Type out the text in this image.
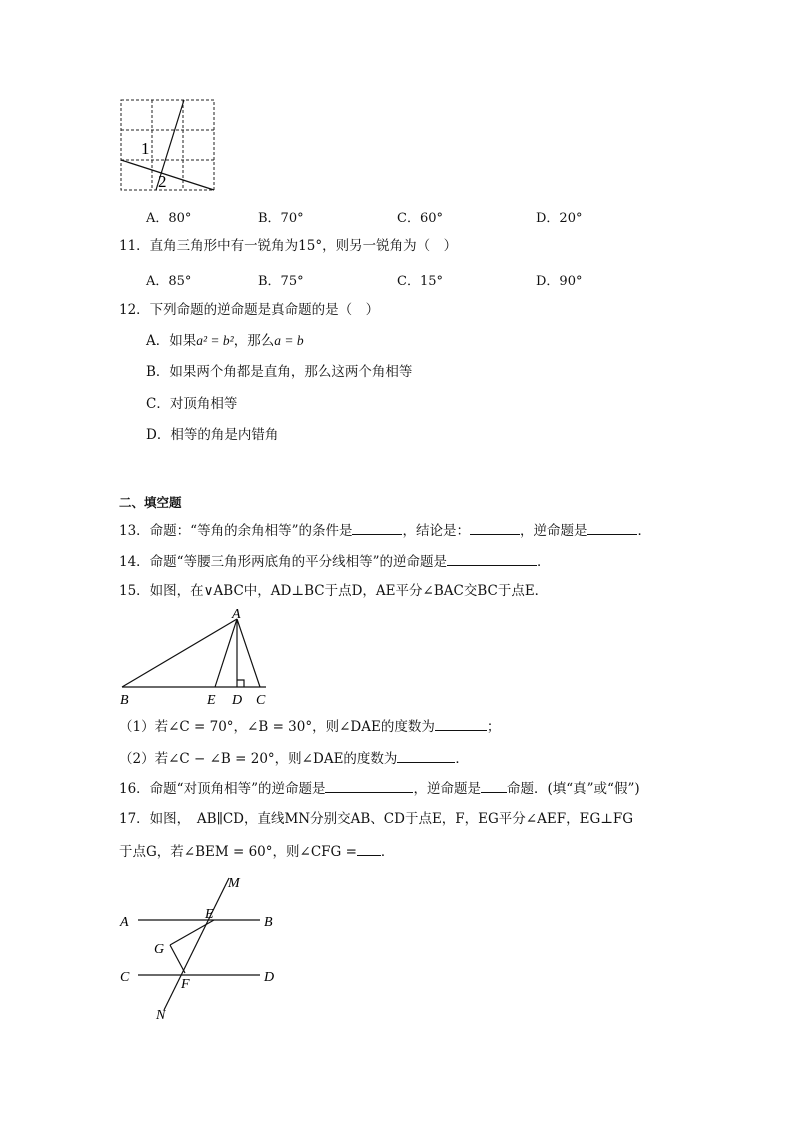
1
2
A．80°	B．70°	C．60°	D．20°
11．直角三角形中有一锐角为15°，则另一锐角为（　）
A．85°	B．75°	C．15°	D．90°
12．下列命题的逆命题是真命题的是（　）
A．如果a² = b²，那么a = b
B．如果两个角都是直角，那么这两个角相等
C．对顶角相等
D．相等的角是内错角
二、填空题
13．命题：“等角的余角相等”的条件是	，结论是：	，逆命题是	．
14．命题“等腰三角形两底角的平分线相等”的逆命题是	．
15．如图，在∨ABC中，AD⊥BC于点D，AE平分∠BAC交BC于点E．
A
B	E D C
（1）若∠C = 70°，∠B = 30°，则∠DAE的度数为	；
（2）若∠C − ∠B = 20°，则∠DAE的度数为	．
16．命题“对顶角相等”的逆命题是	，逆命题是 命题．(填“真”或“假”)
17．如图，　AB∥CD，直线MN分别交AB、CD于点E，F，EG平分∠AEF，EG⊥FG
于点G，若∠BEM = 60°，则∠CFG = ．
M
A
E
B
G
C	F	D
N
